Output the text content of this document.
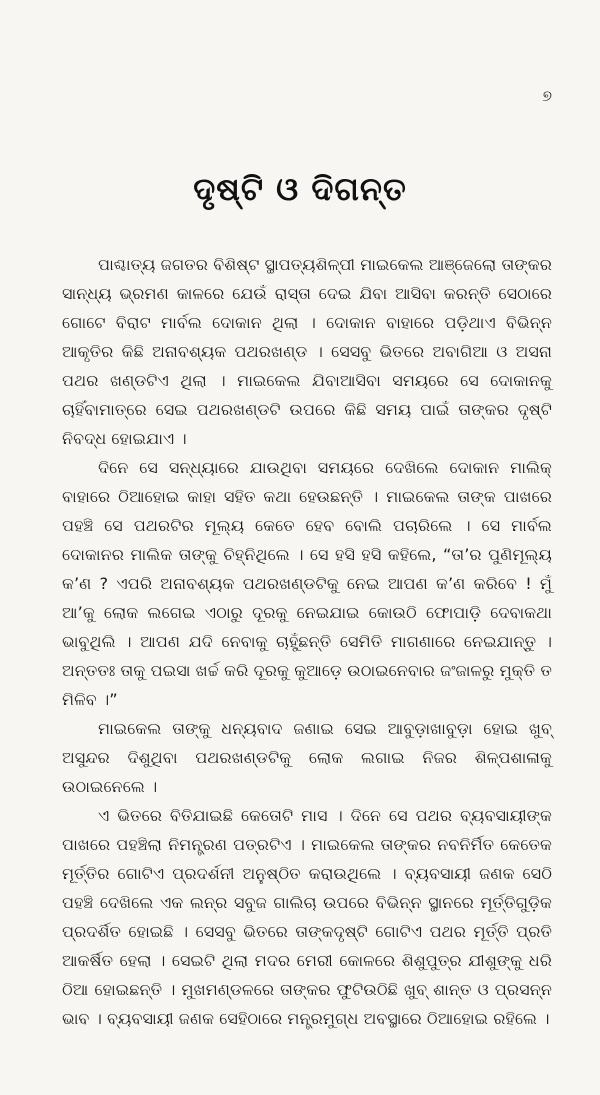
୭
ଦୃଷ୍ଟି ଓ ଦିଗନ୍ତ

ପାଶ୍ଚାତ୍ୟ ଜଗତର ବିଶିଷ୍ଟ ସ୍ଥାପତ୍ୟଶିଳ୍ପୀ ମାଇକେଲ ଆଞ୍ଜେଲୋ ତାଙ୍କର ସାନ୍ଧ୍ୟ ଭ୍ରମଣ କାଳରେ ଯେଉଁ ରାସ୍ତା ଦେଇ ଯିବା ଆସିବା କରନ୍ତି ସେଠାରେ ଗୋଟେ ବିରାଟ ମାର୍ବଲ ଦୋକାନ ଥିଲା । ଦୋକାନ ବାହାରେ ପଡ଼ିଥାଏ ବିଭିନ୍ନ ଆକୃତିର କିଛି ଅନାବଶ୍ୟକ ପଥରଖଣ୍ଡ । ସେସବୁ ଭିତରେ ଅବାଗିଆ ଓ ଅସନା ପଥର ଖଣ୍ଡଟିଏ ଥିଲା । ମାଇକେଲ ଯିବାଆସିବା ସମୟରେ ସେ ଦୋକାନକୁ ଚାହିଁବାମାତ୍ରେ ସେଇ ପଥରଖଣ୍ଡଟି ଉପରେ କିଛି ସମୟ ପାଇଁ ତାଙ୍କର ଦୃଷ୍ଟି ନିବଦ୍ଧ ହୋଇଯାଏ ।

ଦିନେ ସେ ସନ୍ଧ୍ୟାରେ ଯାଉଥିବା ସମୟରେ ଦେଖିଲେ ଦୋକାନ ମାଲିକ୍ ବାହାରେ ଠିଆହୋଇ କାହା ସହିତ କଥା ହେଉଛନ୍ତି । ମାଇକେଲ ତାଙ୍କ ପାଖରେ ପହଞ୍ଚି ସେ ପଥରଟିର ମୂଲ୍ୟ କେତେ ହେବ ବୋଲି ପଚାରିଲେ । ସେ ମାର୍ବଲ ଦୋକାନର ମାଲିକ ତାଙ୍କୁ ଚିହ୍ନିଥିଲେ । ସେ ହସି ହସି କହିଲେ, “ତା’ର ପୁଣିମୂଲ୍ୟ କ’ଣ ? ଏପରି ଅନାବଶ୍ୟକ ପଥରଖଣ୍ଡଟିକୁ ନେଇ ଆପଣ କ’ଣ କରିବେ ! ମୁଁ ଆ’କୁ ଲୋକ ଲଗେଇ ଏଠାରୁ ଦୂରକୁ ନେଇଯାଇ କୋଉଠି ଫୋପାଡ଼ି ଦେବାକଥା ଭାବୁଥିଲି । ଆପଣ ଯଦି ନେବାକୁ ଚାହୁଁଛନ୍ତି ସେମିତି ମାଗଣାରେ ନେଇଯାନ୍ତୁ । ଅନ୍ତତଃ ତାକୁ ପଇସା ଖର୍ଚ୍ଚ କରି ଦୂରକୁ କୁଆଡ଼େ ଉଠାଇନେବାର ଜଂଜାଳରୁ ମୁକ୍ତି ତ ମିଳିବ ।”

ମାଇକେଲ ତାଙ୍କୁ ଧନ୍ୟବାଦ ଜଣାଇ ସେଇ ଆବୁଡ଼ାଖାବୁଡ଼ା ହୋଇ ଖୁବ୍ ଅସୁନ୍ଦର ଦିଶୁଥିବା ପଥରଖଣ୍ଡଟିକୁ ଲୋକ ଲଗାଇ ନିଜର ଶିଳ୍ପଶାଳାକୁ ଉଠାଇନେଲେ ।

ଏ ଭିତରେ ବିତିଯାଇଛି କେତୋଟି ମାସ । ଦିନେ ସେ ପଥର ବ୍ୟବସାୟୀଙ୍କ ପାଖରେ ପହଞ୍ଚିଲା ନିମନ୍ତ୍ରଣ ପତ୍ରଟିଏ । ମାଇକେଲ ତାଙ୍କର ନବନିର୍ମିତ କେତେକ ମୂର୍ତ୍ତିର ଗୋଟିଏ ପ୍ରଦର୍ଶନୀ ଅନୁଷ୍ଠିତ କରାଉଥିଲେ । ବ୍ୟବସାୟୀ ଜଣକ ସେଠି ପହଞ୍ଚି ଦେଖିଲେ ଏକ ଲନ୍‌ର ସବୁଜ ଗାଲିଚା ଉପରେ ବିଭିନ୍ନ ସ୍ଥାନରେ ମୂର୍ତ୍ତିଗୁଡ଼ିକ ପ୍ରଦର୍ଶିତ ହୋଇଛି । ସେସବୁ ଭିତରେ ତାଙ୍କଦୃଷ୍ଟି ଗୋଟିଏ ପଥର ମୂର୍ତ୍ତି ପ୍ରତି ଆକର୍ଷିତ ହେଲା । ସେଇଟି ଥିଲା ମଦର ମେରୀ କୋଳରେ ଶିଶୁପୁତ୍ର ଯୀଶୁଙ୍କୁ ଧରି ଠିଆ ହୋଇଛନ୍ତି । ମୁଖମଣ୍ଡଳରେ ତାଙ୍କର ଫୁଟିଉଠିଛି ଖୁବ୍ ଶାନ୍ତ ଓ ପ୍ରସନ୍ନ ଭାବ । ବ୍ୟବସାୟୀ ଜଣକ ସେହିଠାରେ ମନ୍ତ୍ରମୁଗ୍ଧ ଅବସ୍ଥାରେ ଠିଆହୋଇ ରହିଲେ ।
